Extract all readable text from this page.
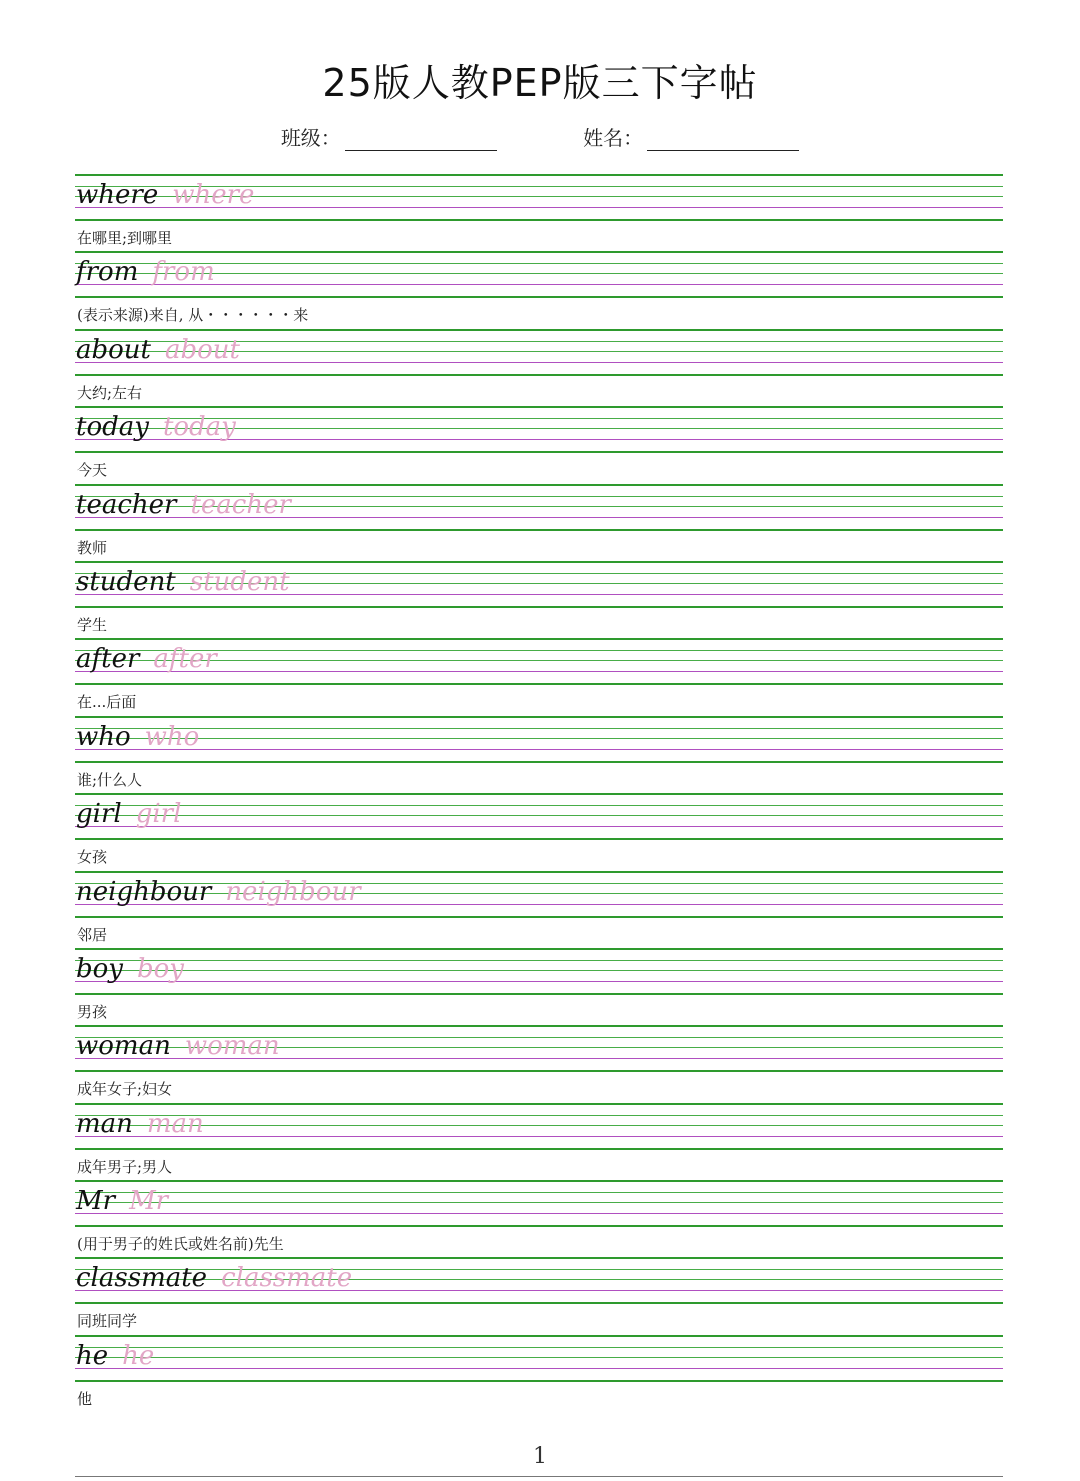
25版人教PEP版三下字帖
班级：	姓名：
where where
在哪里;到哪里
from from
(表示来源)来自, 从・・・・・・来
about about
大约;左右
today today
今天
teacher teacher
教师
student student
学生
after after
在...后面
who who
谁;什么人
girl girl
女孩
neighbour neighbour
邻居
boy boy
男孩
woman woman
成年女子;妇女
man man
成年男子;男人
Mr Mr
(用于男子的姓氏或姓名前)先生
classmate classmate
同班同学
he he
他
1
